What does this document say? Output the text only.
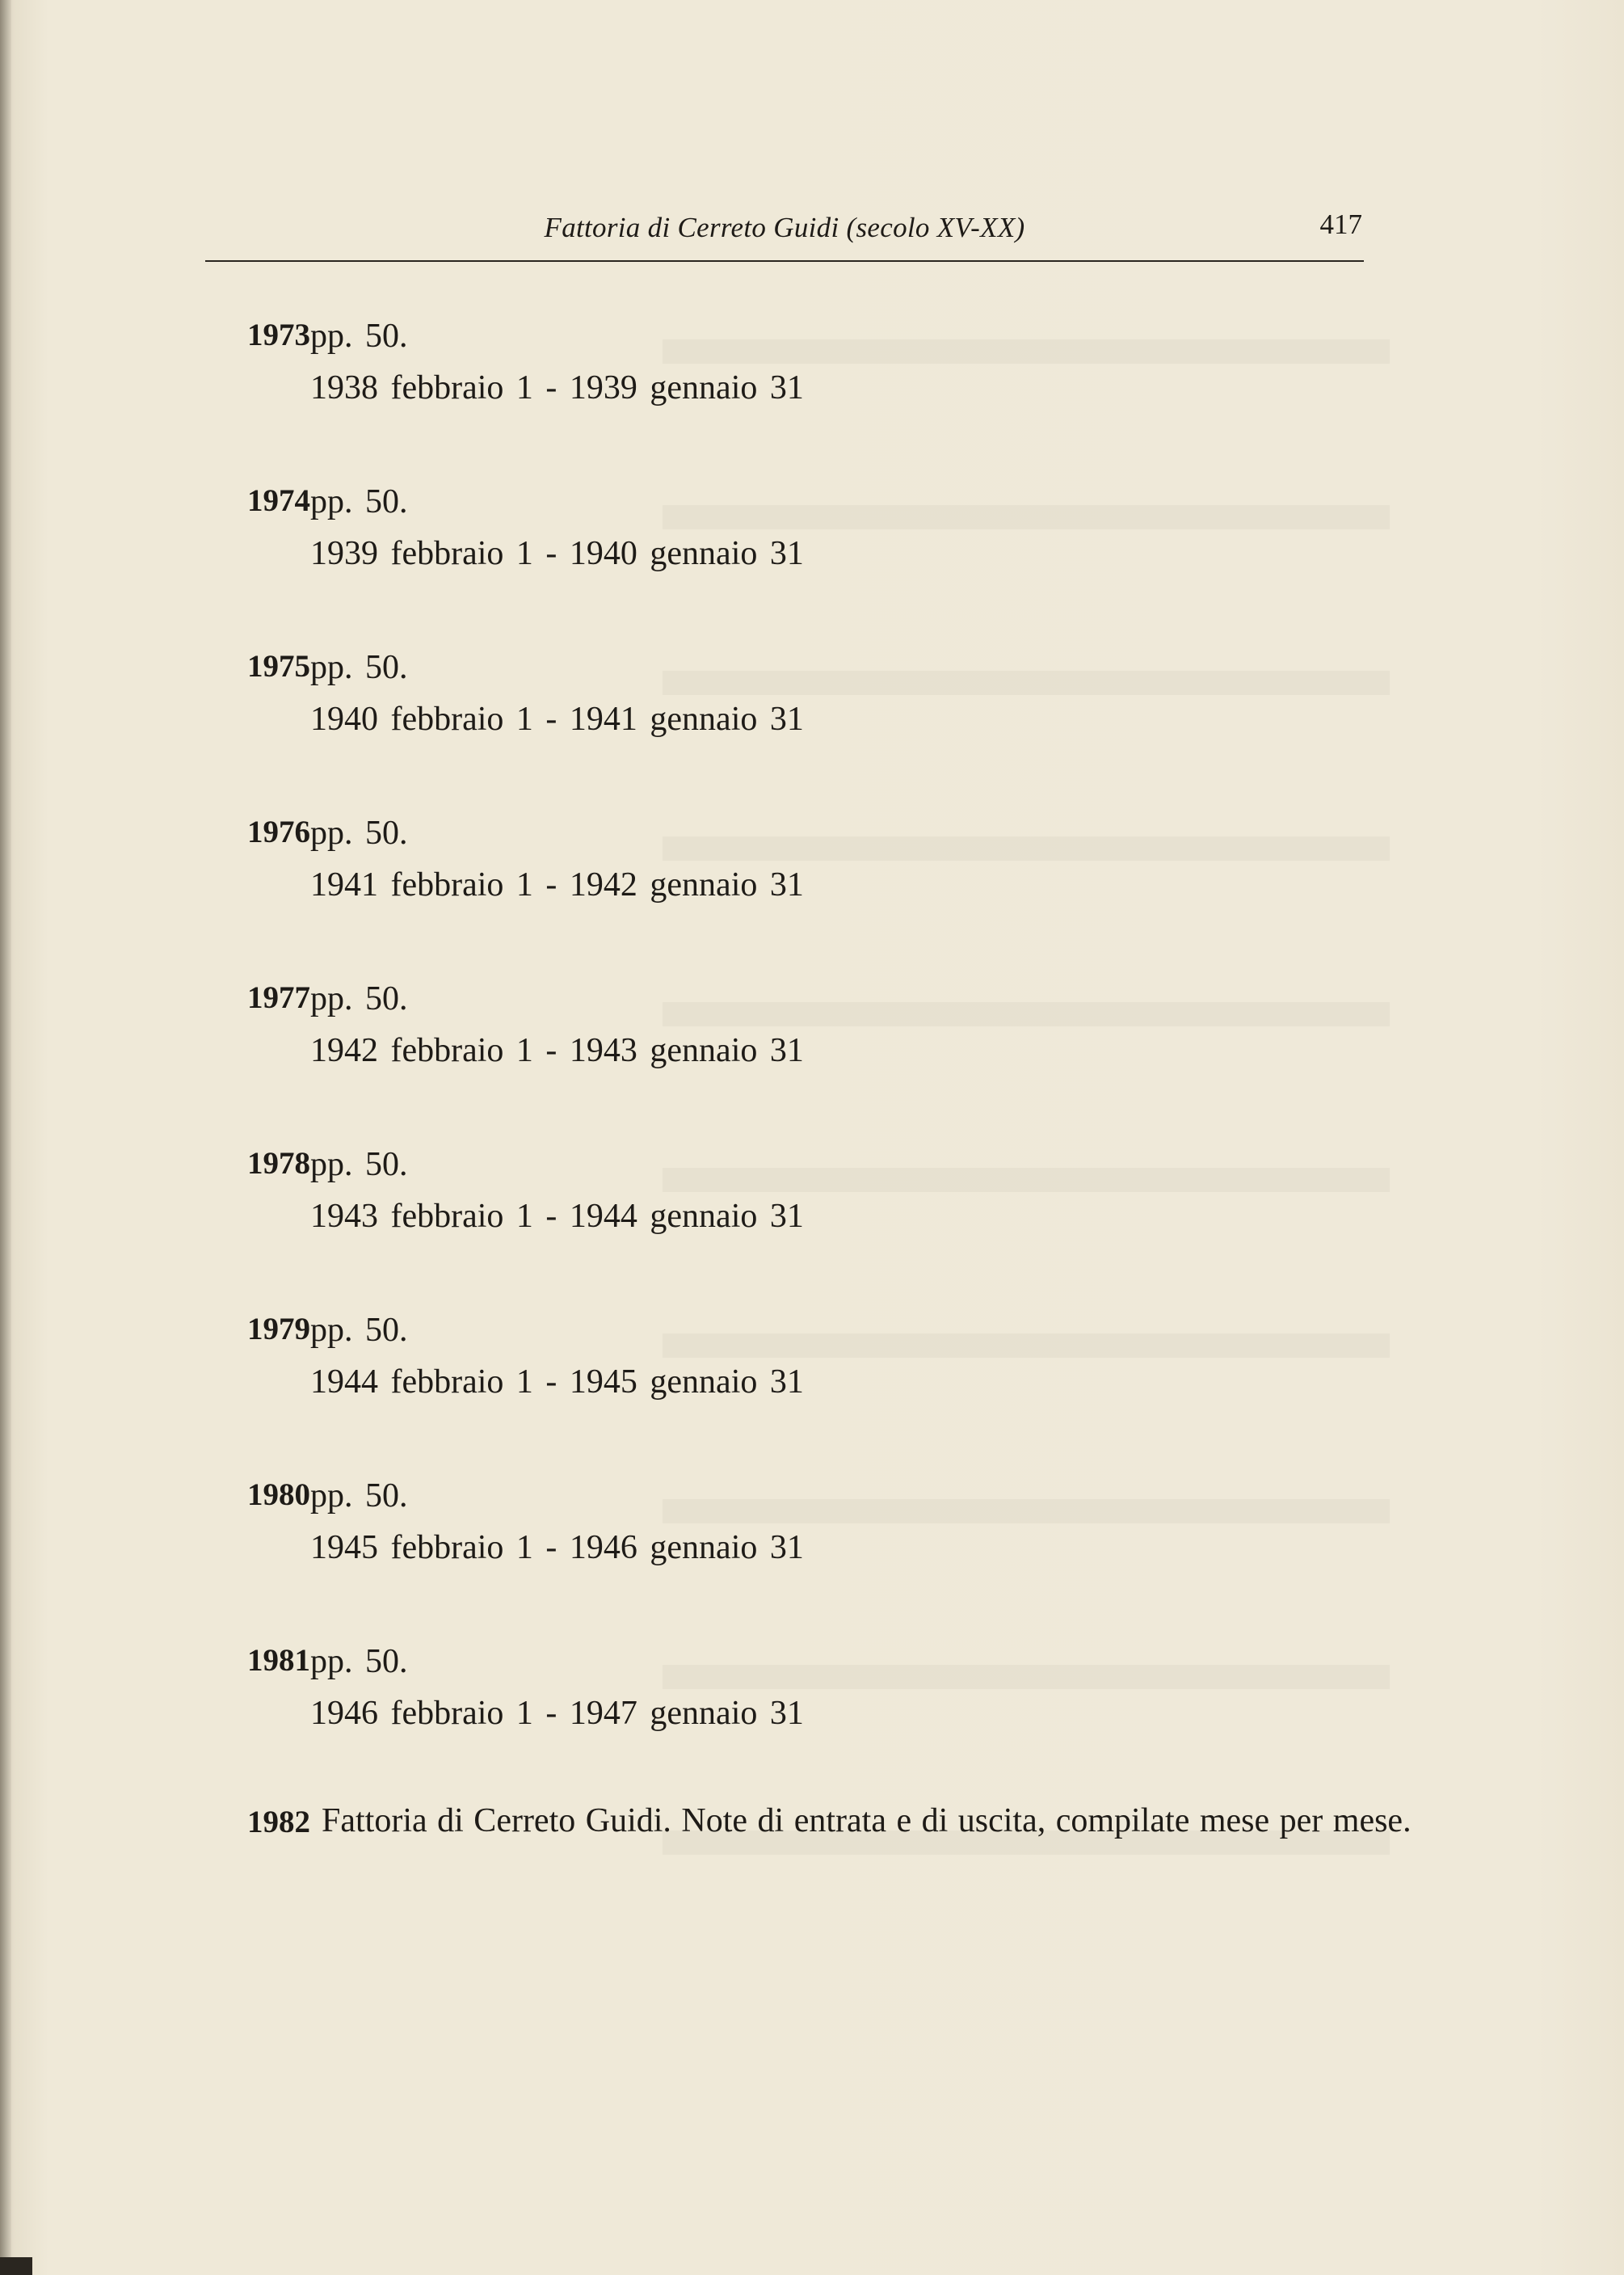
Fattoria di Cerreto Guidi (secolo XV-XX)	417
1973 pp. 50.
1938 febbraio 1 - 1939 gennaio 31
1974 pp. 50.
1939 febbraio 1 - 1940 gennaio 31
1975 pp. 50.
1940 febbraio 1 - 1941 gennaio 31
1976 pp. 50.
1941 febbraio 1 - 1942 gennaio 31
1977 pp. 50.
1942 febbraio 1 - 1943 gennaio 31
1978 pp. 50.
1943 febbraio 1 - 1944 gennaio 31
1979 pp. 50.
1944 febbraio 1 - 1945 gennaio 31
1980 pp. 50.
1945 febbraio 1 - 1946 gennaio 31
1981 pp. 50.
1946 febbraio 1 - 1947 gennaio 31
1982 Fattoria di Cerreto Guidi. Note di entrata e di uscita, compilate mese per mese.
